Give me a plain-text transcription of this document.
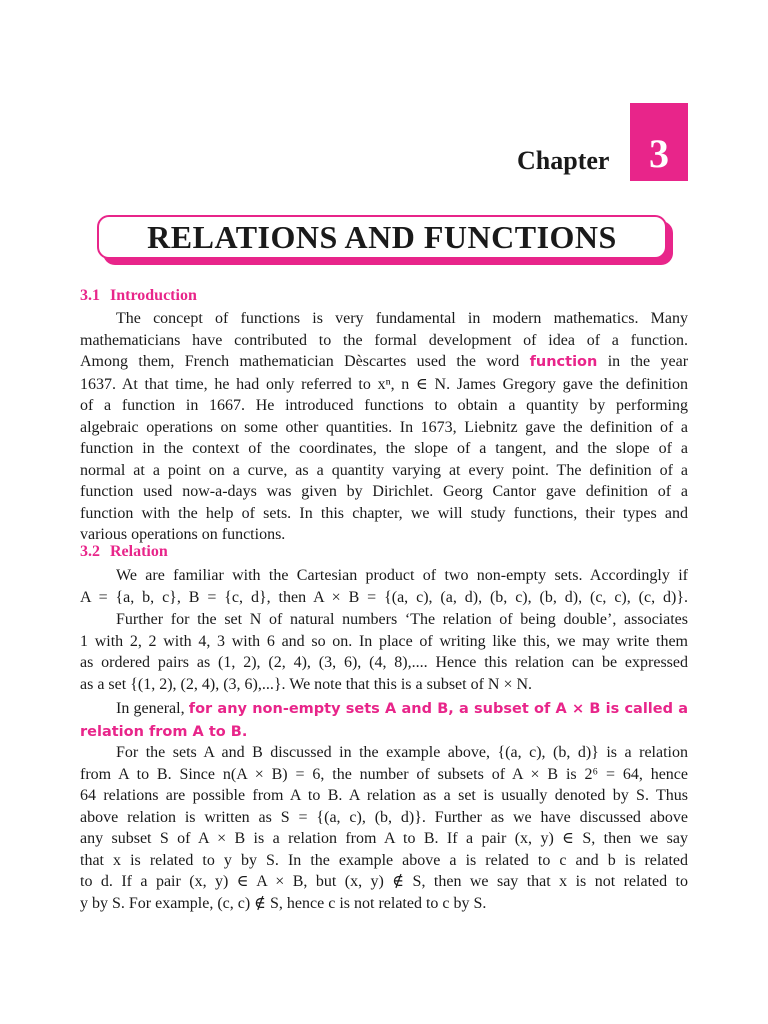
Chapter 3
RELATIONS AND FUNCTIONS
3.1 Introduction
The concept of functions is very fundamental in modern mathematics. Many
mathematicians have contributed to the formal development of idea of a function.
Among them, French mathematician Dèscartes used the word function in the year
1637. At that time, he had only referred to xⁿ, n ∈ N. James Gregory gave the definition
of a function in 1667. He introduced functions to obtain a quantity by performing
algebraic operations on some other quantities. In 1673, Liebnitz gave the definition of a
function in the context of the coordinates, the slope of a tangent, and the slope of a
normal at a point on a curve, as a quantity varying at every point. The definition of a
function used now-a-days was given by Dirichlet. Georg Cantor gave definition of a
function with the help of sets. In this chapter, we will study functions, their types and
various operations on functions.
3.2 Relation
We are familiar with the Cartesian product of two non-empty sets. Accordingly if
A = {a, b, c}, B = {c, d}, then A × B = {(a, c), (a, d), (b, c), (b, d), (c, c), (c, d)}.
Further for the set N of natural numbers ‘The relation of being double’, associates
1 with 2, 2 with 4, 3 with 6 and so on. In place of writing like this, we may write them
as ordered pairs as (1, 2), (2, 4), (3, 6), (4, 8),.... Hence this relation can be expressed
as a set {(1, 2), (2, 4), (3, 6),...}. We note that this is a subset of N × N.
In general, for any non-empty sets A and B, a subset of A × B is called a
relation from A to B.
For the sets A and B discussed in the example above, {(a, c), (b, d)} is a relation
from A to B. Since n(A × B) = 6, the number of subsets of A × B is 2⁶ = 64, hence
64 relations are possible from A to B. A relation as a set is usually denoted by S. Thus
above relation is written as S = {(a, c), (b, d)}. Further as we have discussed above
any subset S of A × B is a relation from A to B. If a pair (x, y) ∈ S, then we say
that x is related to y by S. In the example above a is related to c and b is related
to d. If a pair (x, y) ∈ A × B, but (x, y) ∉ S, then we say that x is not related to
y by S. For example, (c, c) ∉ S, hence c is not related to c by S.
